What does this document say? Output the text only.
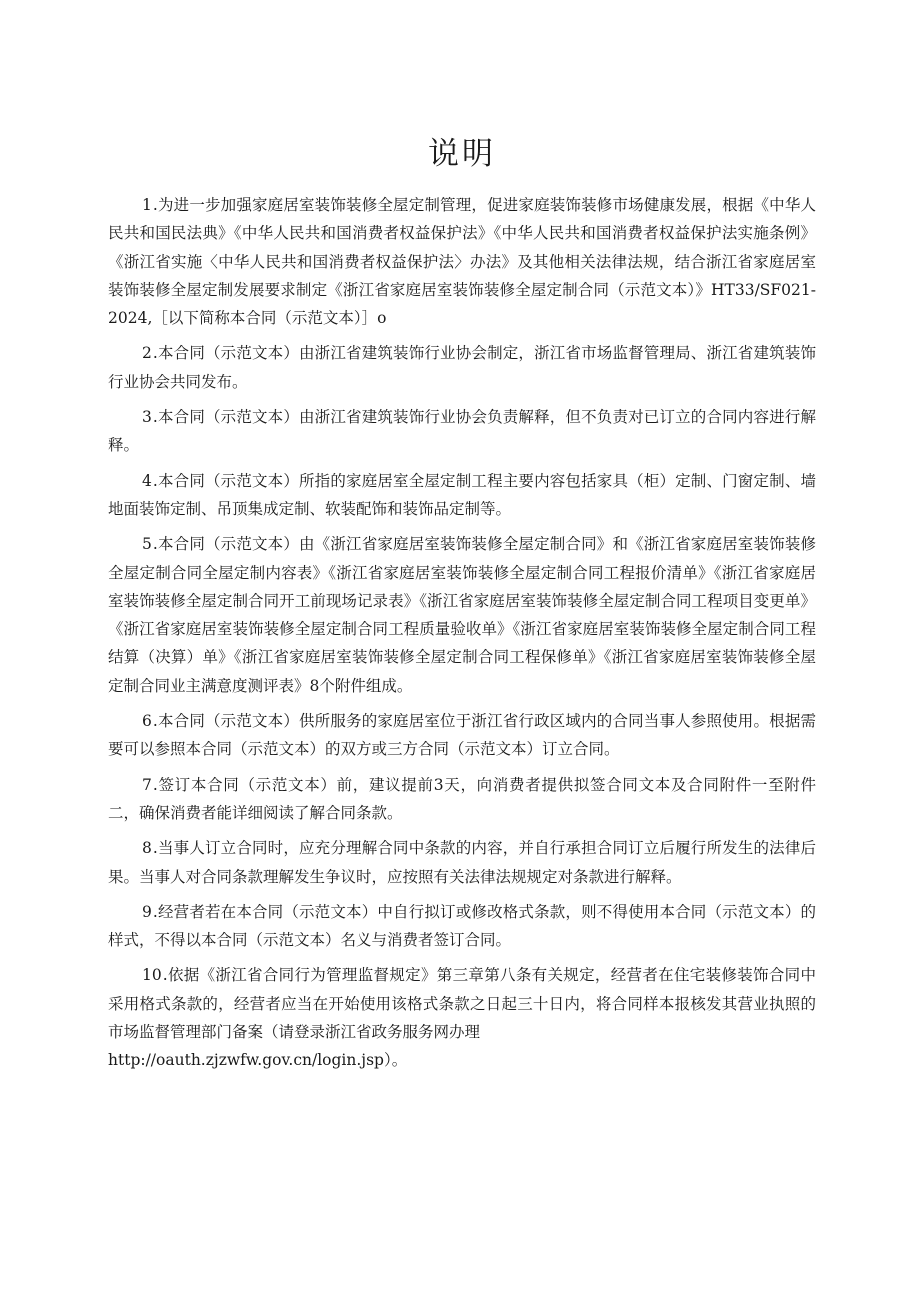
说明

1.为进一步加强家庭居室装饰装修全屋定制管理，促进家庭装饰装修市场健康发展，根据《中华人民共和国民法典》《中华人民共和国消费者权益保护法》《中华人民共和国消费者权益保护法实施条例》《浙江省实施〈中华人民共和国消费者权益保护法〉办法》及其他相关法律法规，结合浙江省家庭居室装饰装修全屋定制发展要求制定《浙江省家庭居室装饰装修全屋定制合同（示范文本）》HT33/SF021-2024,［以下简称本合同（示范文本）］o

2.本合同（示范文本）由浙江省建筑装饰行业协会制定，浙江省市场监督管理局、浙江省建筑装饰行业协会共同发布。

3.本合同（示范文本）由浙江省建筑装饰行业协会负责解释，但不负责对已订立的合同内容进行解释。

4.本合同（示范文本）所指的家庭居室全屋定制工程主要内容包括家具（柜）定制、门窗定制、墙地面装饰定制、吊顶集成定制、软装配饰和装饰品定制等。

5.本合同（示范文本）由《浙江省家庭居室装饰装修全屋定制合同》和《浙江省家庭居室装饰装修全屋定制合同全屋定制内容表》《浙江省家庭居室装饰装修全屋定制合同工程报价清单》《浙江省家庭居室装饰装修全屋定制合同开工前现场记录表》《浙江省家庭居室装饰装修全屋定制合同工程项目变更单》《浙江省家庭居室装饰装修全屋定制合同工程质量验收单》《浙江省家庭居室装饰装修全屋定制合同工程结算（决算）单》《浙江省家庭居室装饰装修全屋定制合同工程保修单》《浙江省家庭居室装饰装修全屋定制合同业主满意度测评表》8个附件组成。

6.本合同（示范文本）供所服务的家庭居室位于浙江省行政区域内的合同当事人参照使用。根据需要可以参照本合同（示范文本）的双方或三方合同（示范文本）订立合同。

7.签订本合同（示范文本）前，建议提前3天，向消费者提供拟签合同文本及合同附件一至附件二，确保消费者能详细阅读了解合同条款。

8.当事人订立合同时，应充分理解合同中条款的内容，并自行承担合同订立后履行所发生的法律后果。当事人对合同条款理解发生争议时，应按照有关法律法规规定对条款进行解释。

9.经营者若在本合同（示范文本）中自行拟订或修改格式条款，则不得使用本合同（示范文本）的样式，不得以本合同（示范文本）名义与消费者签订合同。

10.依据《浙江省合同行为管理监督规定》第三章第八条有关规定，经营者在住宅装修装饰合同中采用格式条款的，经营者应当在开始使用该格式条款之日起三十日内，将合同样本报核发其营业执照的市场监督管理部门备案（请登录浙江省政务服务网办理

http://oauth.zjzwfw.gov.cn/login.jsp）。
